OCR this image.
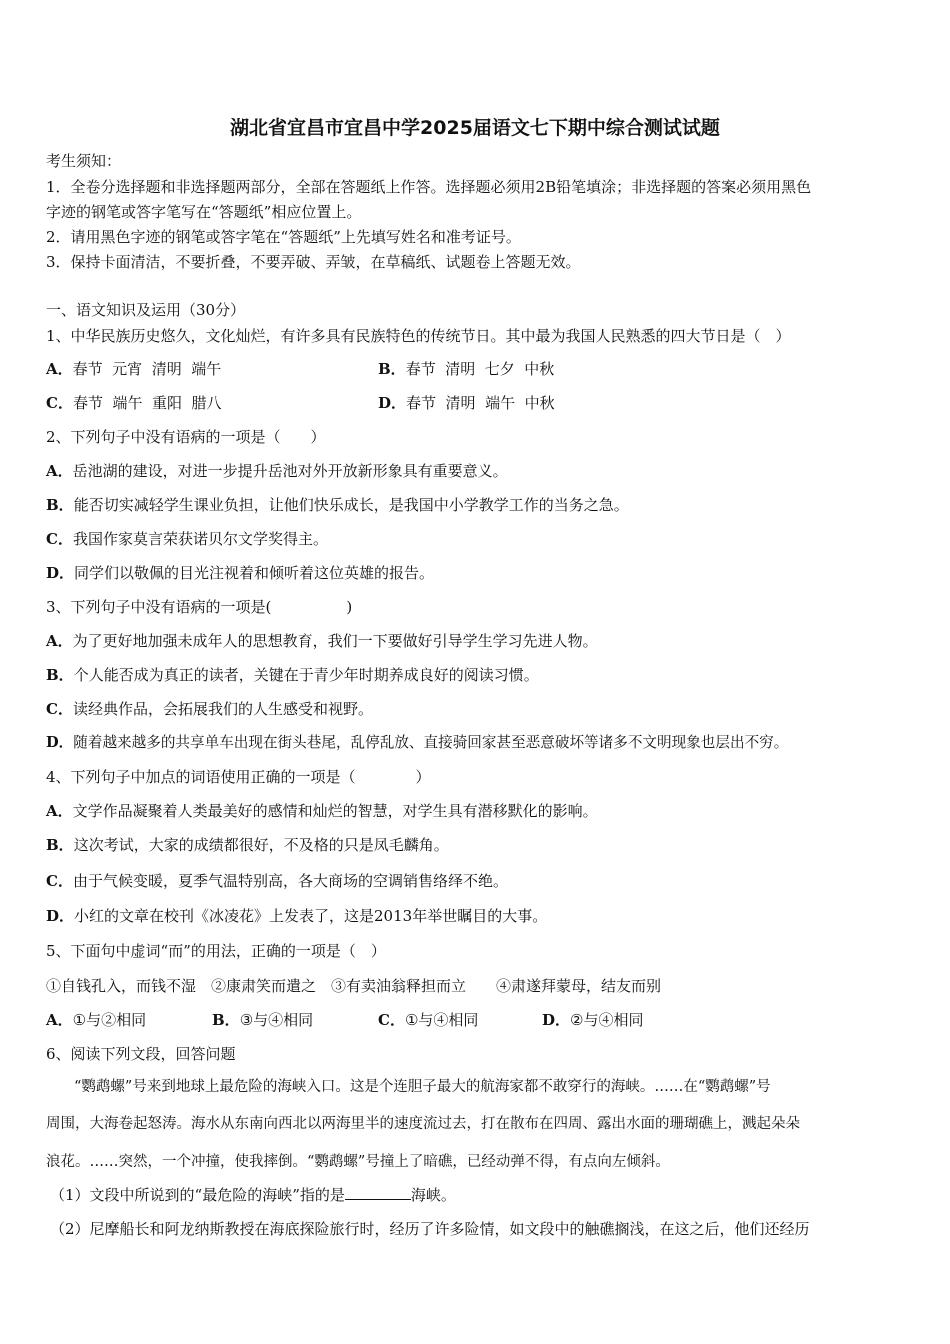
湖北省宜昌市宜昌中学2025届语文七下期中综合测试试题
考生须知：
1．全卷分选择题和非选择题两部分，全部在答题纸上作答。选择题必须用2B铅笔填涂；非选择题的答案必须用黑色
字迹的钢笔或答字笔写在“答题纸”相应位置上。
2．请用黑色字迹的钢笔或答字笔在“答题纸”上先填写姓名和准考证号。
3．保持卡面清洁，不要折叠，不要弄破、弄皱，在草稿纸、试题卷上答题无效。
一、语文知识及运用（30分）
1、中华民族历史悠久，文化灿烂，有许多具有民族特色的传统节日。其中最为我国人民熟悉的四大节日是（　）
A．春节  元宵  清明  端午	B．春节  清明  七夕  中秋
C．春节  端午  重阳  腊八	D．春节  清明  端午  中秋
2、下列句子中没有语病的一项是（　　）
A．岳池湖的建设，对进一步提升岳池对外开放新形象具有重要意义。
B．能否切实减轻学生课业负担，让他们快乐成长，是我国中小学教学工作的当务之急。
C．我国作家莫言荣获诺贝尔文学奖得主。
D．同学们以敬佩的目光注视着和倾听着这位英雄的报告。
3、下列句子中没有语病的一项是(　　　　　)
A．为了更好地加强未成年人的思想教育，我们一下要做好引导学生学习先进人物。
B．个人能否成为真正的读者，关键在于青少年时期养成良好的阅读习惯。
C．读经典作品，会拓展我们的人生感受和视野。
D．随着越来越多的共享单车出现在街头巷尾，乱停乱放、直接骑回家甚至恶意破坏等诸多不文明现象也层出不穷。
4、下列句子中加点的词语使用正确的一项是（　　　　）
A．文学作品凝聚着人类最美好的感情和灿烂的智慧，对学生具有潜移默化的影响。
B．这次考试，大家的成绩都很好，不及格的只是凤毛麟角。
C．由于气候变暖，夏季气温特别高，各大商场的空调销售络绎不绝。
D．小红的文章在校刊《冰凌花》上发表了，这是2013年举世瞩目的大事。
5、下面句中虚词“而”的用法，正确的一项是（　）
①自钱孔入，而钱不湿　②康肃笑而遣之　③有卖油翁释担而立　　④肃遂拜蒙母，结友而别
A．①与②相同	B．③与④相同	C．①与④相同	D．②与④相同
6、阅读下列文段，回答问题
“鹦鹉螺”号来到地球上最危险的海峡入口。这是个连胆子最大的航海家都不敢穿行的海峡。……在“鹦鹉螺”号
周围，大海卷起怒涛。海水从东南向西北以两海里半的速度流过去，打在散布在四周、露出水面的珊瑚礁上，溅起朵朵
浪花。……突然，一个冲撞，使我摔倒。“鹦鹉螺”号撞上了暗礁，已经动弹不得，有点向左倾斜。
（1）文段中所说到的“最危险的海峡”指的是	海峡。
（2）尼摩船长和阿龙纳斯教授在海底探险旅行时，经历了许多险情，如文段中的触礁搁浅，在这之后，他们还经历
